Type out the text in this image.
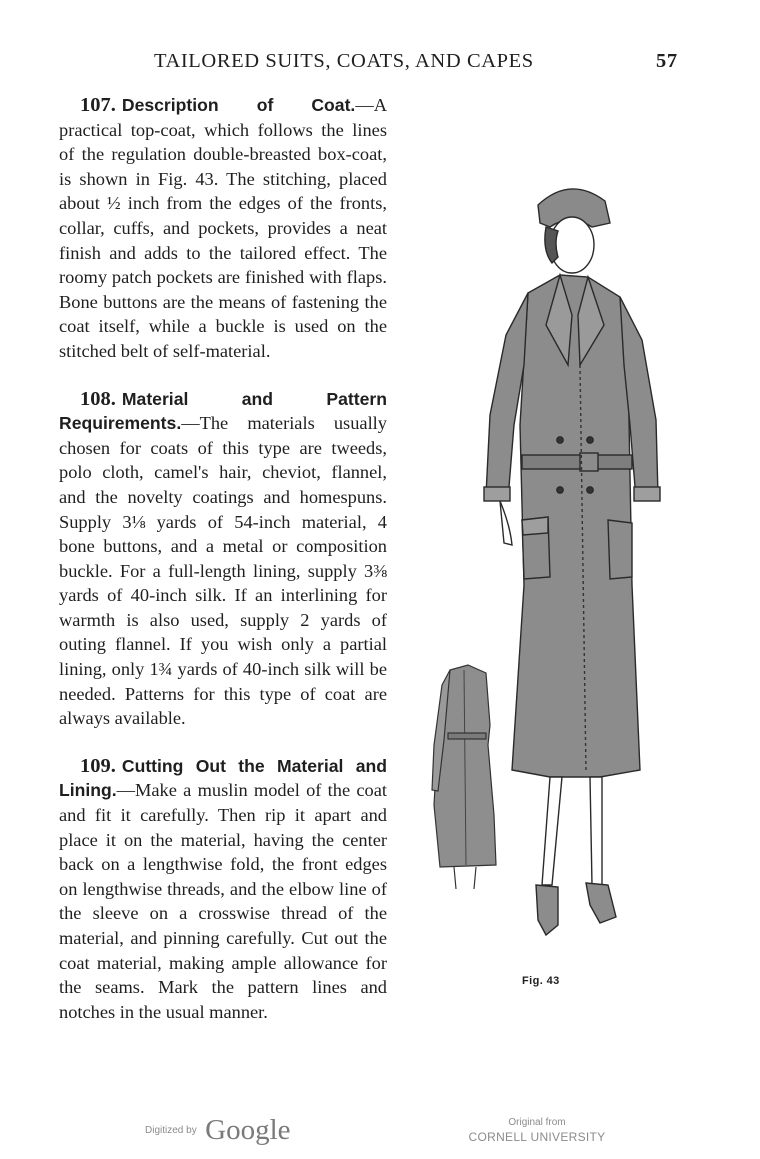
TAILORED SUITS, COATS, AND CAPES	57

107. Description of Coat.—A practical top-coat, which follows the lines of the regulation double-breasted box-coat, is shown in Fig. 43. The stitching, placed about ½ inch from the edges of the fronts, collar, cuffs, and pockets, provides a neat finish and adds to the tailored effect. The roomy patch pockets are finished with flaps. Bone buttons are the means of fastening the coat itself, while a buckle is used on the stitched belt of self-material.

108. Material and Pattern Requirements.—The materials usually chosen for coats of this type are tweeds, polo cloth, camel's hair, cheviot, flannel, and the novelty coatings and homespuns. Supply 3⅛ yards of 54-inch material, 4 bone buttons, and a metal or composition buckle. For a full-length lining, supply 3⅜ yards of 40-inch silk. If an interlining for warmth is also used, supply 2 yards of outing flannel. If you wish only a partial lining, only 1¾ yards of 40-inch silk will be needed. Patterns for this type of coat are always available.

109. Cutting Out the Material and Lining.—Make a muslin model of the coat and fit it carefully. Then rip it apart and place it on the material, having the center back on a lengthwise fold, the front edges on lengthwise threads, and the elbow line of the sleeve on a crosswise thread of the material, and pinning carefully. Cut out the coat material, making ample allowance for the seams. Mark the pattern lines and notches in the usual manner.

Fig. 43
Digitized by Google	Original from
CORNELL UNIVERSITY
